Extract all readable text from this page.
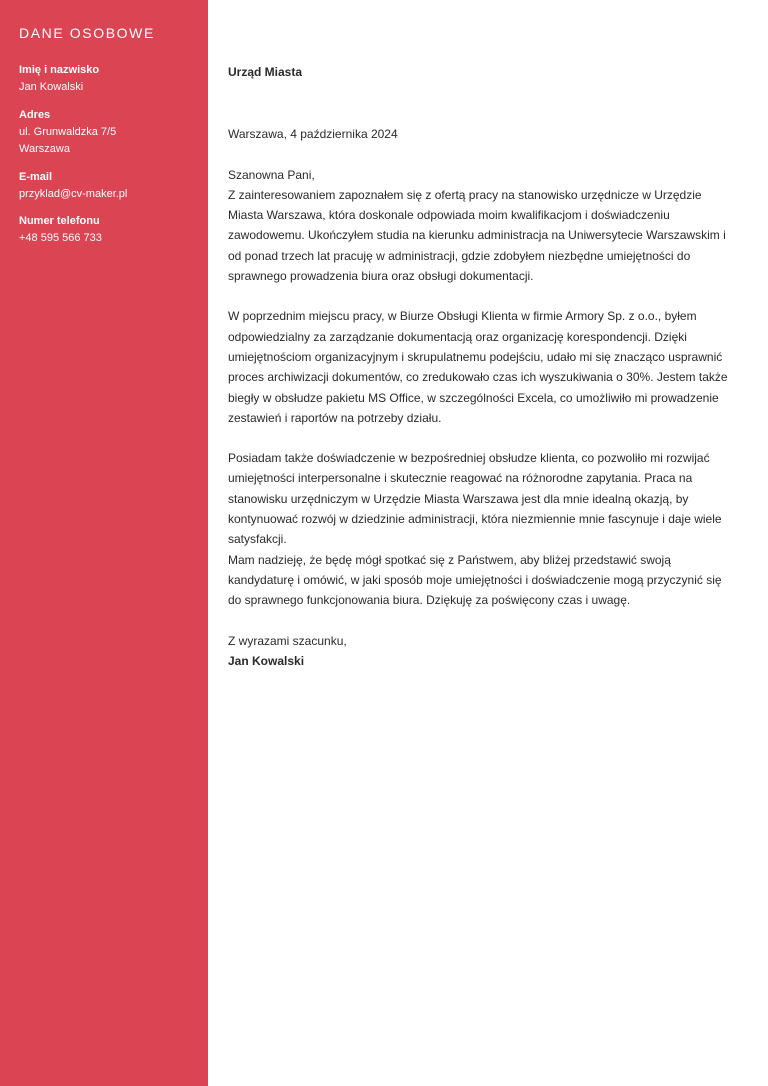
DANE OSOBOWE
Imię i nazwisko
Jan Kowalski
Adres
ul. Grunwaldzka 7/5
Warszawa
E-mail
przyklad@cv-maker.pl
Numer telefonu
+48 595 566 733

Urząd Miasta

Warszawa, 4 października 2024

Szanowna Pani,

Z zainteresowaniem zapoznałem się z ofertą pracy na stanowisko urzędnicze w Urzędzie Miasta Warszawa, która doskonale odpowiada moim kwalifikacjom i doświadczeniu zawodowemu. Ukończyłem studia na kierunku administracja na Uniwersytecie Warszawskim i od ponad trzech lat pracuję w administracji, gdzie zdobyłem niezbędne umiejętności do sprawnego prowadzenia biura oraz obsługi dokumentacji.

W poprzednim miejscu pracy, w Biurze Obsługi Klienta w firmie Armory Sp. z o.o., byłem odpowiedzialny za zarządzanie dokumentacją oraz organizację korespondencji. Dzięki umiejętnościom organizacyjnym i skrupulatnemu podejściu, udało mi się znacząco usprawnić proces archiwizacji dokumentów, co zredukowało czas ich wyszukiwania o 30%. Jestem także biegły w obsłudze pakietu MS Office, w szczególności Excela, co umożliwiło mi prowadzenie zestawień i raportów na potrzeby działu.

Posiadam także doświadczenie w bezpośredniej obsłudze klienta, co pozwoliło mi rozwijać umiejętności interpersonalne i skutecznie reagować na różnorodne zapytania. Praca na stanowisku urzędniczym w Urzędzie Miasta Warszawa jest dla mnie idealną okazją, by kontynuować rozwój w dziedzinie administracji, która niezmiennie mnie fascynuje i daje wiele satysfakcji.

Mam nadzieję, że będę mógł spotkać się z Państwem, aby bliżej przedstawić swoją kandydaturę i omówić, w jaki sposób moje umiejętności i doświadczenie mogą przyczynić się do sprawnego funkcjonowania biura. Dziękuję za poświęcony czas i uwagę.

Z wyrazami szacunku,

Jan Kowalski
